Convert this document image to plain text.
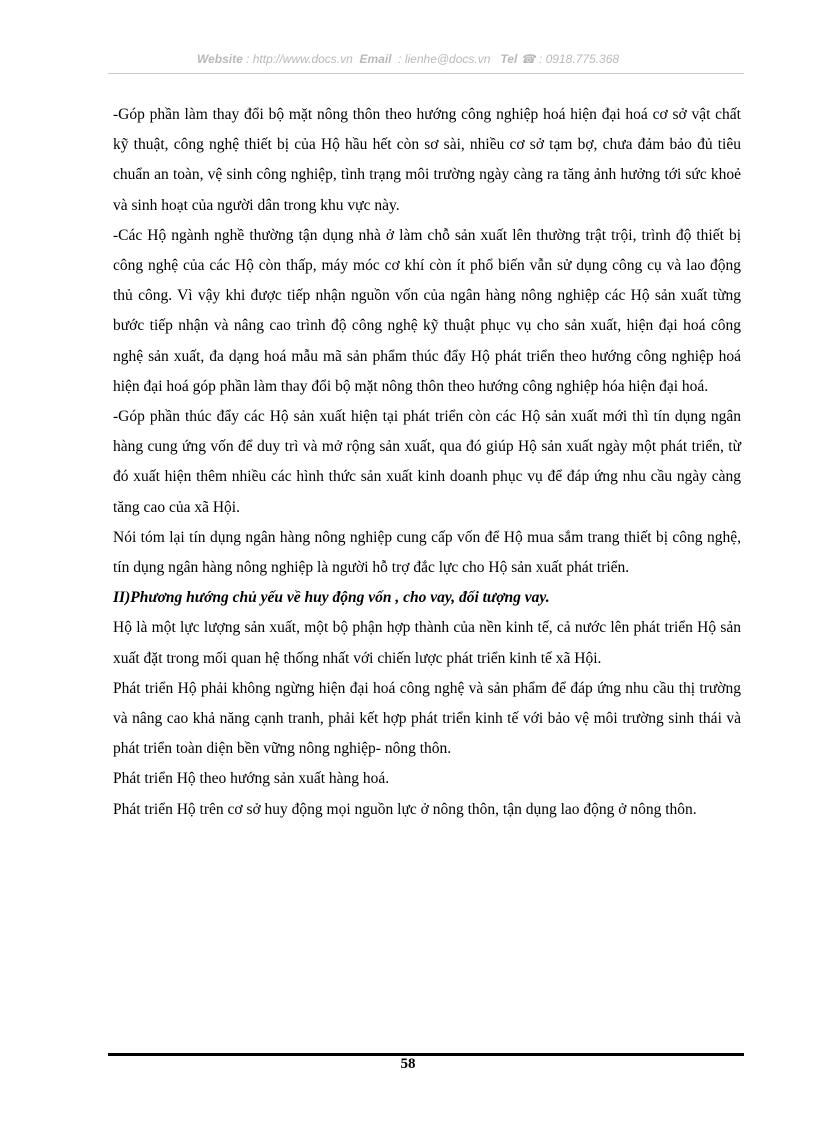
Website : http://www.docs.vn Email : lienhe@docs.vn Tel ☎ : 0918.775.368

-Góp phần làm thay đổi bộ mặt nông thôn theo hướng công nghiệp hoá hiện đại hoá cơ sở vật chất kỹ thuật, công nghệ thiết bị của Hộ hầu hết còn sơ sài, nhiều cơ sở tạm bợ, chưa đảm bảo đủ tiêu chuẩn an toàn, vệ sinh công nghiệp, tình trạng môi trường ngày càng ra tăng ảnh hưởng tới sức khoẻ và sinh hoạt của người dân trong khu vực này.

-Các Hộ ngành nghề thường tận dụng nhà ở làm chỗ sản xuất lên thường trật trội, trình độ thiết bị công nghệ của các Hộ còn thấp, máy móc cơ khí còn ít phổ biến vẫn sử dụng công cụ và lao động thủ công. Vì vậy khi được tiếp nhận nguồn vốn của ngân hàng nông nghiệp các Hộ sản xuất từng bước tiếp nhận và nâng cao trình độ công nghệ kỹ thuật phục vụ cho sản xuất, hiện đại hoá công nghệ sản xuất, đa dạng hoá mẫu mã sản phẩm thúc đẩy Hộ phát triển theo hướng công nghiệp hoá hiện đại hoá góp phần làm thay đổi bộ mặt nông thôn theo hướng công nghiệp hóa hiện đại hoá.

-Góp phần thúc đẩy các Hộ sản xuất hiện tại phát triển còn các Hộ sản xuất mới thì tín dụng ngân hàng cung ứng vốn để duy trì và mở rộng sản xuất, qua đó giúp Hộ sản xuất ngày một phát triển, từ đó xuất hiện thêm nhiều các hình thức sản xuất kinh doanh phục vụ để đáp ứng nhu cầu ngày càng tăng cao của xã Hội.

Nói tóm lại tín dụng ngân hàng nông nghiệp cung cấp vốn để Hộ mua sắm trang thiết bị công nghệ, tín dụng ngân hàng nông nghiệp là người hỗ trợ đắc lực cho Hộ sản xuất phát triển.

II)Phương hướng chủ yếu về huy động vốn , cho vay, đối tượng vay.

Hộ là một lực lượng sản xuất, một bộ phận hợp thành của nền kinh tế, cả nước lên phát triển Hộ sản xuất đặt trong mối quan hệ thống nhất với chiến lược phát triển kinh tế xã Hội.

Phát triển Hộ phải không ngừng hiện đại hoá công nghệ và sản phẩm để đáp ứng nhu cầu thị trường và nâng cao khả năng cạnh tranh, phải kết hợp phát triển kinh tế với bảo vệ môi trường sinh thái và phát triển toàn diện bền vững nông nghiệp- nông thôn.

Phát triển Hộ theo hướng sản xuất hàng hoá.

Phát triển Hộ trên cơ sở huy động mọi nguồn lực ở nông thôn, tận dụng lao động ở nông thôn.

58
